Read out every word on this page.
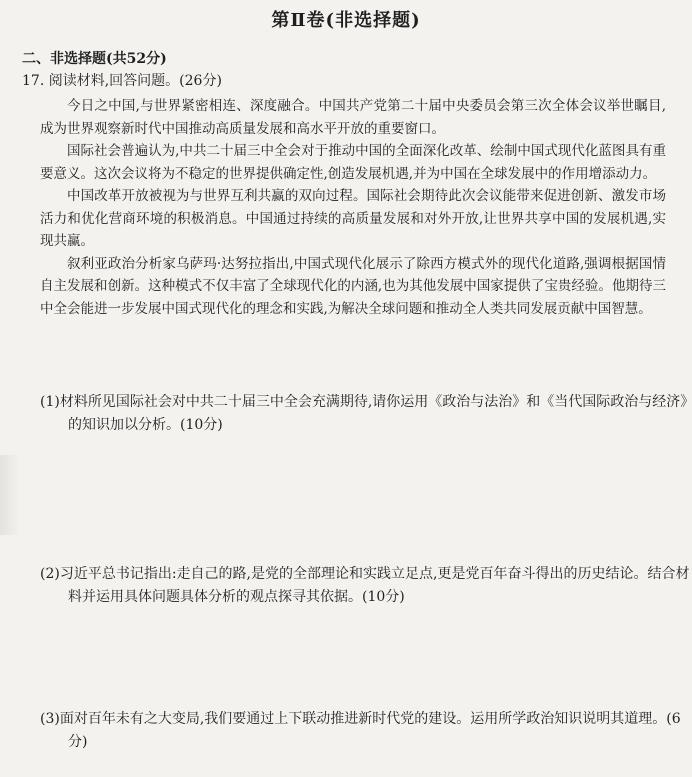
第Ⅱ卷(非选择题)
二、非选择题(共52分)
17. 阅读材料,回答问题。(26分)

今日之中国,与世界紧密相连、深度融合。中国共产党第二十届中央委员会第三次全体会议举世瞩目,成为世界观察新时代中国推动高质量发展和高水平开放的重要窗口。

国际社会普遍认为,中共二十届三中全会对于推动中国的全面深化改革、绘制中国式现代化蓝图具有重要意义。这次会议将为不稳定的世界提供确定性,创造发展机遇,并为中国在全球发展中的作用增添动力。

中国改革开放被视为与世界互利共赢的双向过程。国际社会期待此次会议能带来促进创新、激发市场活力和优化营商环境的积极消息。中国通过持续的高质量发展和对外开放,让世界共享中国的发展机遇,实现共赢。

叙利亚政治分析家乌萨玛·达努拉指出,中国式现代化展示了除西方模式外的现代化道路,强调根据国情自主发展和创新。这种模式不仅丰富了全球现代化的内涵,也为其他发展中国家提供了宝贵经验。他期待三中全会能进一步发展中国式现代化的理念和实践,为解决全球问题和推动全人类共同发展贡献中国智慧。

(1)材料所见国际社会对中共二十届三中全会充满期待,请你运用《政治与法治》和《当代国际政治与经济》的知识加以分析。(10分)
(2)习近平总书记指出:走自己的路,是党的全部理论和实践立足点,更是党百年奋斗得出的历史结论。结合材料并运用具体问题具体分析的观点探寻其依据。(10分)
(3)面对百年未有之大变局,我们要通过上下联动推进新时代党的建设。运用所学政治知识说明其道理。(6分)
